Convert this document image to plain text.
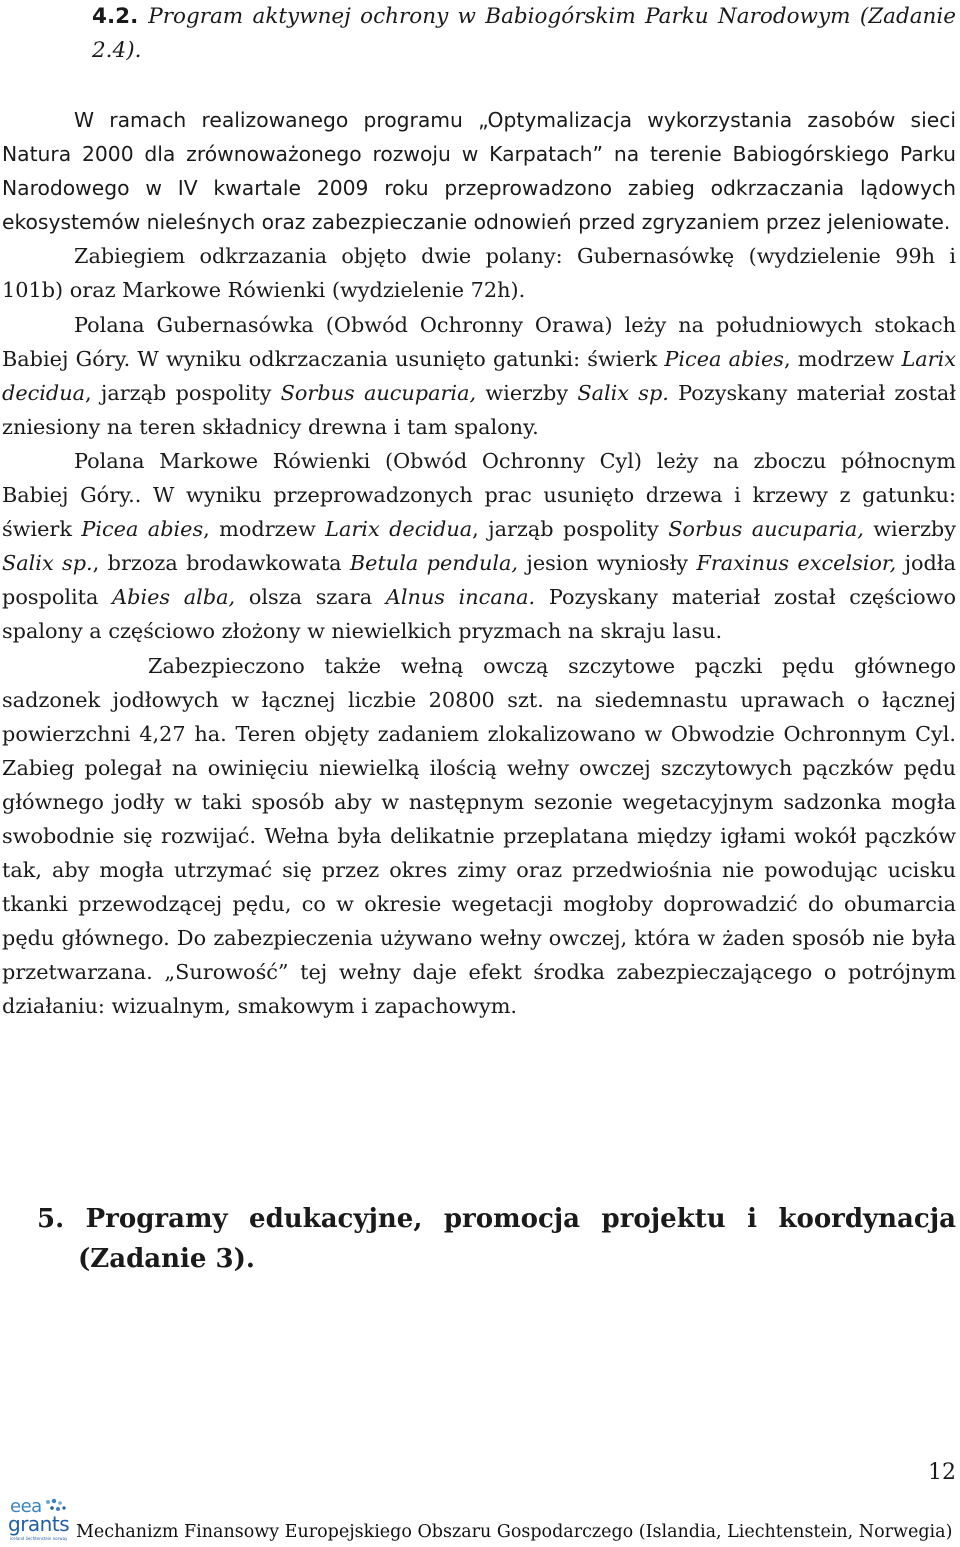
4.2. Program aktywnej ochrony w Babiogórskim Parku Narodowym (Zadanie 2.4).

W ramach realizowanego programu „Optymalizacja wykorzystania zasobów sieci Natura 2000 dla zrównoważonego rozwoju w Karpatach” na terenie Babiogórskiego Parku Narodowego w IV kwartale 2009 roku przeprowadzono zabieg odkrzaczania lądowych ekosystemów nieleśnych oraz zabezpieczanie odnowień przed zgryzaniem przez jeleniowate.

Zabiegiem odkrzazania objęto dwie polany: Gubernasówkę (wydzielenie 99h i 101b) oraz Markowe Rówienki (wydzielenie 72h).

Polana Gubernasówka (Obwód Ochronny Orawa) leży na południowych stokach Babiej Góry. W wyniku odkrzaczania usunięto gatunki: świerk Picea abies, modrzew Larix decidua, jarząb pospolity Sorbus aucuparia, wierzby Salix sp. Pozyskany materiał został zniesiony na teren składnicy drewna i tam spalony.

Polana Markowe Rówienki (Obwód Ochronny Cyl) leży na zboczu północnym Babiej Góry.. W wyniku przeprowadzonych prac usunięto drzewa i krzewy z gatunku: świerk Picea abies, modrzew Larix decidua, jarząb pospolity Sorbus aucuparia, wierzby Salix sp., brzoza brodawkowata Betula pendula, jesion wyniosły Fraxinus excelsior, jodła pospolita Abies alba, olsza szara Alnus incana. Pozyskany materiał został częściowo spalony a częściowo złożony w niewielkich pryzmach na skraju lasu.

Zabezpieczono także wełną owczą szczytowe pączki pędu głównego sadzonek jodłowych w łącznej liczbie 20800 szt. na siedemnastu uprawach o łącznej powierzchni 4,27 ha. Teren objęty zadaniem zlokalizowano w Obwodzie Ochronnym Cyl. Zabieg polegał na owinięciu niewielką ilością wełny owczej szczytowych pączków pędu głównego jodły w taki sposób aby w następnym sezonie wegetacyjnym sadzonka mogła swobodnie się rozwijać. Wełna była delikatnie przeplatana między igłami wokół pączków tak, aby mogła utrzymać się przez okres zimy oraz przedwiośnia nie powodując ucisku tkanki przewodzącej pędu, co w okresie wegetacji mogłoby doprowadzić do obumarcia pędu głównego. Do zabezpieczenia używano wełny owczej, która w żaden sposób nie była przetwarzana. „Surowość” tej wełny daje efekt środka zabezpieczającego o potrójnym działaniu: wizualnym, smakowym i zapachowym.

5. Programy edukacyjne, promocja projektu i koordynacja
(Zadanie 3).
12
eea
grants
iceland liechtenstein norway Mechanizm Finansowy Europejskiego Obszaru Gospodarczego (Islandia, Liechtenstein, Norwegia)
